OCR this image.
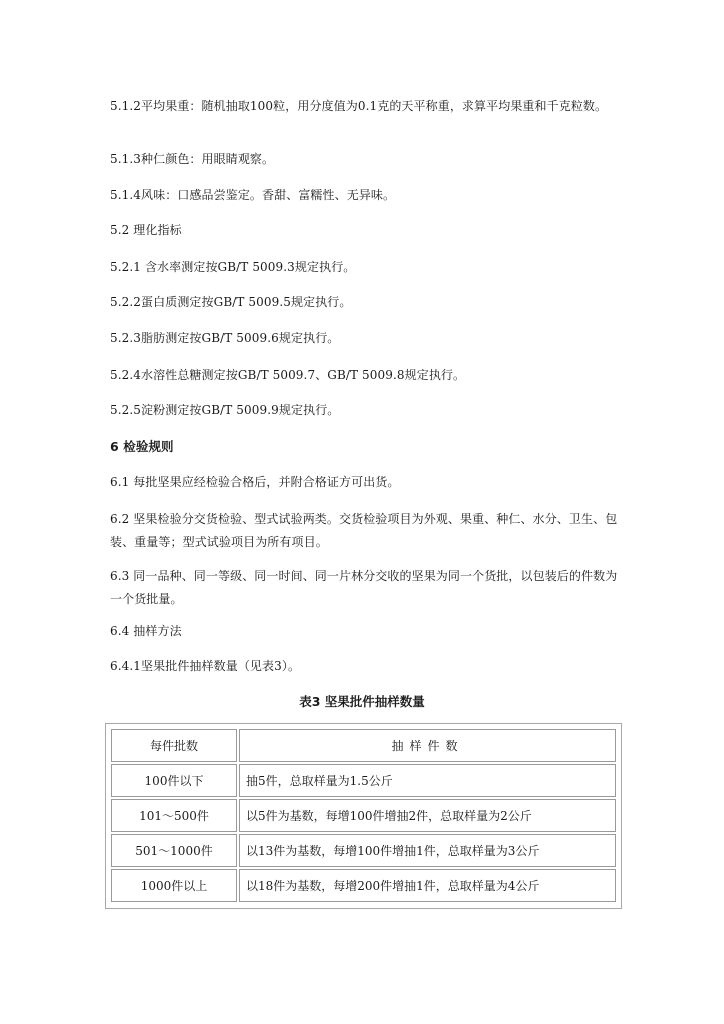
5.1.2平均果重：随机抽取100粒，用分度值为0.1克的天平称重，求算平均果重和千克粒数。

5.1.3种仁颜色：用眼睛观察。

5.1.4风味：口感品尝鉴定。香甜、富糯性、无异味。

5.2 理化指标

5.2.1 含水率测定按GB/T 5009.3规定执行。

5.2.2蛋白质测定按GB/T 5009.5规定执行。

5.2.3脂肪测定按GB/T 5009.6规定执行。

5.2.4水溶性总糖测定按GB/T 5009.7、GB/T 5009.8规定执行。

5.2.5淀粉测定按GB/T 5009.9规定执行。

6 检验规则

6.1 每批坚果应经检验合格后，并附合格证方可出货。

6.2 坚果检验分交货检验、型式试验两类。交货检验项目为外观、果重、种仁、水分、卫生、包装、重量等；型式试验项目为所有项目。

6.3 同一品种、同一等级、同一时间、同一片林分交收的坚果为同一个货批，以包装后的件数为一个货批量。

6.4 抽样方法

6.4.1坚果批件抽样数量（见表3）。

表3 坚果批件抽样数量
每件批数	抽样件数
100件以下	抽5件，总取样量为1.5公斤
101～500件	以5件为基数，每增100件增抽2件，总取样量为2公斤
501～1000件	以13件为基数，每增100件增抽1件，总取样量为3公斤
1000件以上	以18件为基数，每增200件增抽1件，总取样量为4公斤
